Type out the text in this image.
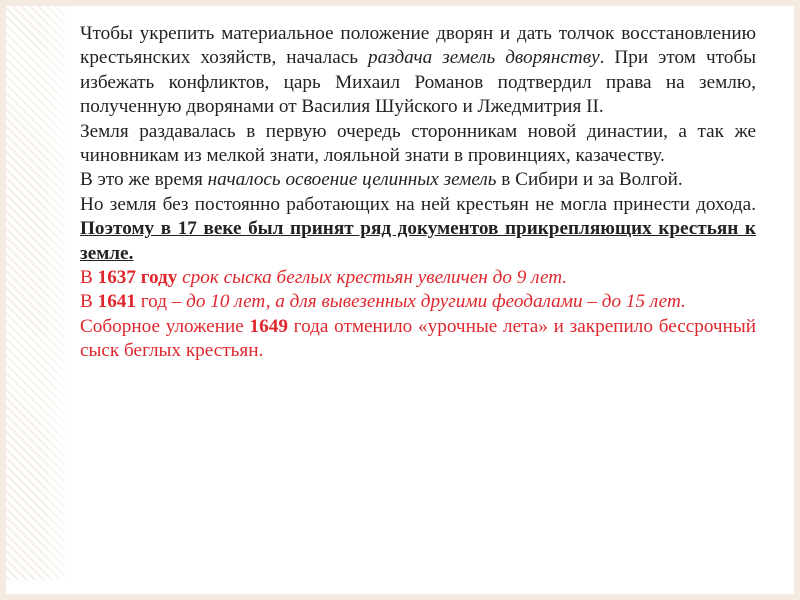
Чтобы укрепить материальное положение дворян и дать толчок восстановлению крестьянских хозяйств, началась раздача земель дворянству. При этом чтобы избежать конфликтов, царь Михаил Романов подтвердил права на землю, полученную дворянами от Василия Шуйского и Лжедмитрия II.

Земля раздавалась в первую очередь сторонникам новой династии, а так же чиновникам из мелкой знати, лояльной знати в провинциях, казачеству.

В это же время началось освоение целинных земель в Сибири и за Волгой.

Но земля без постоянно работающих на ней крестьян не могла принести дохода. Поэтому в 17 веке был принят ряд документов прикрепляющих крестьян к земле.

В 1637 году срок сыска беглых крестьян увеличен до 9 лет.

В 1641 год – до 10 лет, а для вывезенных другими феодалами – до 15 лет.

Соборное уложение 1649 года отменило «урочные лета» и закрепило бессрочный сыск беглых крестьян.
